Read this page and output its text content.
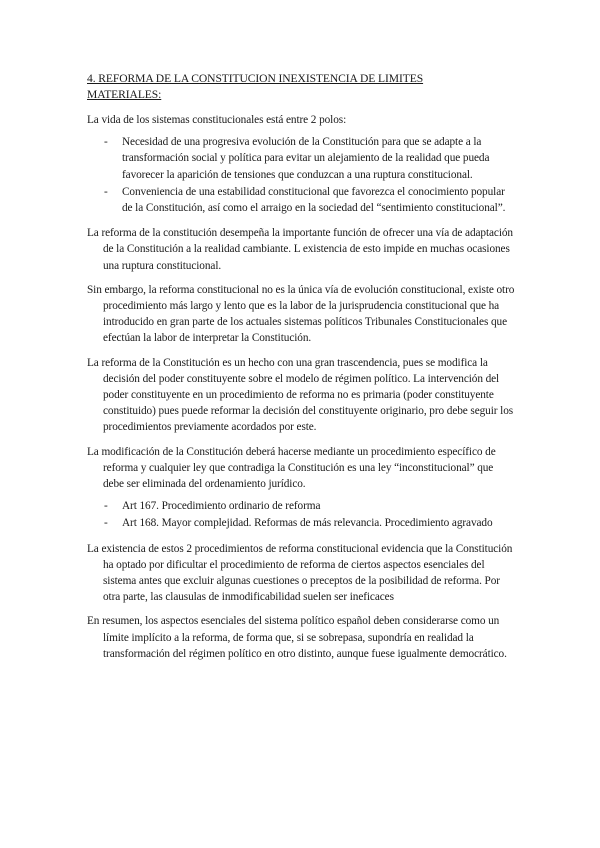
4. REFORMA DE LA CONSTITUCION INEXISTENCIA DE LIMITES MATERIALES:

La vida de los sistemas constitucionales está entre 2 polos:

- Necesidad de una progresiva evolución de la Constitución para que se adapte a la transformación social y política para evitar un alejamiento de la realidad que pueda favorecer la aparición de tensiones que conduzcan a una ruptura constitucional.
- Conveniencia de una estabilidad constitucional que favorezca el conocimiento popular de la Constitución, así como el arraigo en la sociedad del “sentimiento constitucional”.

La reforma de la constitución desempeña la importante función de ofrecer una vía de adaptación de la Constitución a la realidad cambiante. L existencia de esto impide en muchas ocasiones una ruptura constitucional.

Sin embargo, la reforma constitucional no es la única vía de evolución constitucional, existe otro procedimiento más largo y lento que es la labor de la jurisprudencia constitucional que ha introducido en gran parte de los actuales sistemas políticos Tribunales Constitucionales que efectúan la labor de interpretar la Constitución.

La reforma de la Constitución es un hecho con una gran trascendencia, pues se modifica la decisión del poder constituyente sobre el modelo de régimen político. La intervención del poder constituyente en un procedimiento de reforma no es primaria (poder constituyente constituido) pues puede reformar la decisión del constituyente originario, pro debe seguir los procedimientos previamente acordados por este.

La modificación de la Constitución deberá hacerse mediante un procedimiento específico de reforma y cualquier ley que contradiga la Constitución es una ley “inconstitucional” que debe ser eliminada del ordenamiento jurídico.

- Art 167. Procedimiento ordinario de reforma
- Art 168. Mayor complejidad. Reformas de más relevancia. Procedimiento agravado

La existencia de estos 2 procedimientos de reforma constitucional evidencia que la Constitución ha optado por dificultar el procedimiento de reforma de ciertos aspectos esenciales del sistema antes que excluir algunas cuestiones o preceptos de la posibilidad de reforma. Por otra parte, las clausulas de inmodificabilidad suelen ser ineficaces

En resumen, los aspectos esenciales del sistema político español deben considerarse como un límite implícito a la reforma, de forma que, si se sobrepasa, supondría en realidad la transformación del régimen político en otro distinto, aunque fuese igualmente democrático.
